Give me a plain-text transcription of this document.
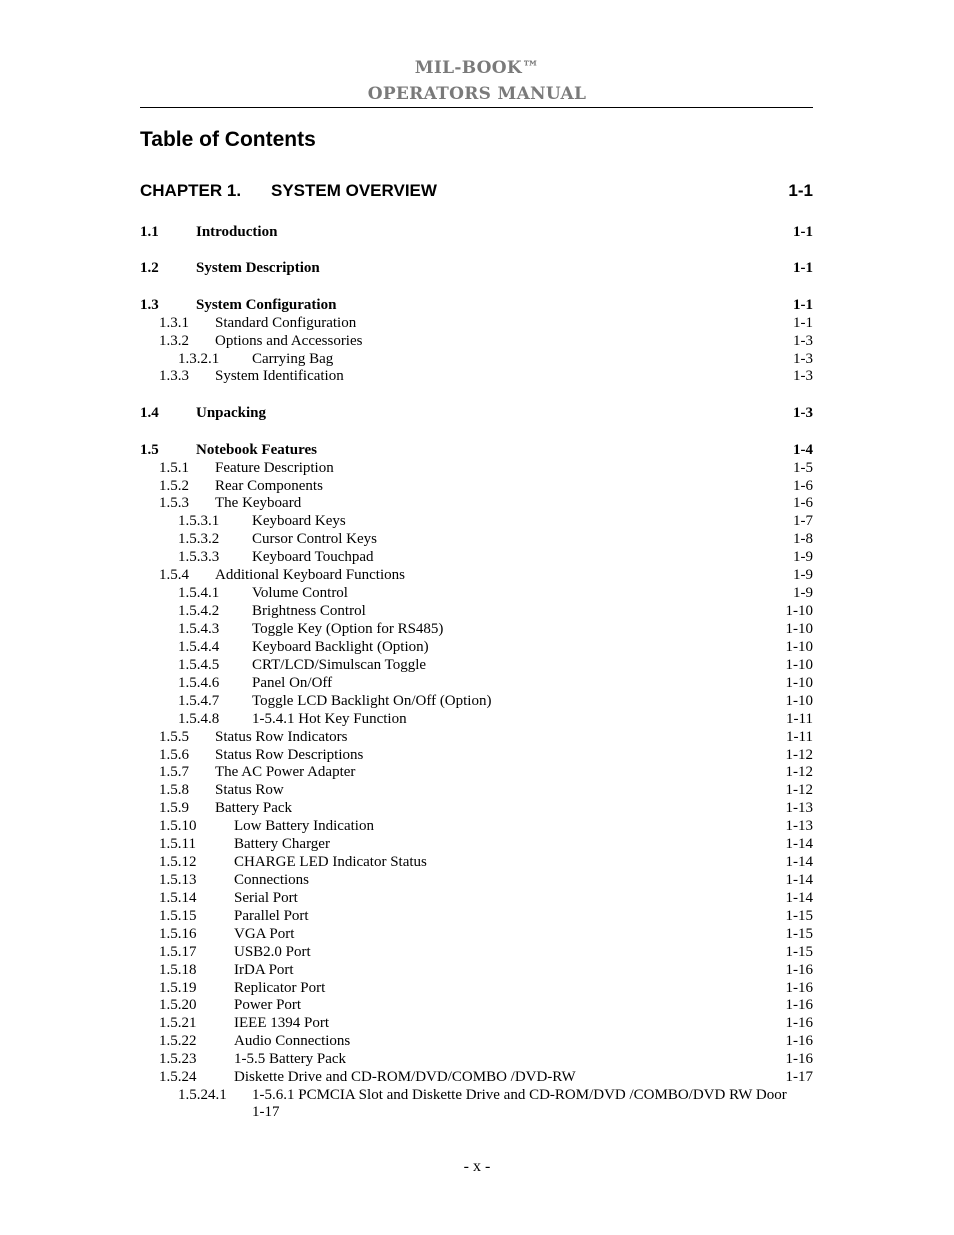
MIL-BOOK™
OPERATORS MANUAL
Table of Contents
CHAPTER 1. SYSTEM OVERVIEW	1-1
1.1 Introduction	1-1
1.2 System Description	1-1
1.3 System Configuration	1-1
1.3.1 Standard Configuration	1-1
1.3.2 Options and Accessories	1-3
1.3.2.1 Carrying Bag	1-3
1.3.3 System Identification	1-3
1.4 Unpacking	1-3
1.5 Notebook Features	1-4
1.5.1 Feature Description	1-5
1.5.2 Rear Components	1-6
1.5.3 The Keyboard	1-6
1.5.3.1 Keyboard Keys	1-7
1.5.3.2 Cursor Control Keys	1-8
1.5.3.3 Keyboard Touchpad	1-9
1.5.4 Additional Keyboard Functions	1-9
1.5.4.1 Volume Control	1-9
1.5.4.2 Brightness Control	1-10
1.5.4.3 Toggle Key (Option for RS485)	1-10
1.5.4.4 Keyboard Backlight (Option)	1-10
1.5.4.5 CRT/LCD/Simulscan Toggle	1-10
1.5.4.6 Panel On/Off	1-10
1.5.4.7 Toggle LCD Backlight On/Off (Option)	1-10
1.5.4.8 1-5.4.1 Hot Key Function	1-11
1.5.5 Status Row Indicators	1-11
1.5.6 Status Row Descriptions	1-12
1.5.7 The AC Power Adapter	1-12
1.5.8 Status Row	1-12
1.5.9 Battery Pack	1-13
1.5.10	Low Battery Indication	1-13
1.5.11	Battery Charger	1-14
1.5.12	CHARGE LED Indicator Status	1-14
1.5.13	Connections	1-14
1.5.14	Serial Port	1-14
1.5.15	Parallel Port	1-15
1.5.16	VGA Port	1-15
1.5.17	USB2.0 Port	1-15
1.5.18	IrDA Port	1-16
1.5.19	Replicator Port	1-16
1.5.20	Power Port	1-16
1.5.21	IEEE 1394 Port	1-16
1.5.22	Audio Connections	1-16
1.5.23	1-5.5 Battery Pack	1-16
1.5.24	Diskette Drive and CD-ROM/DVD/COMBO /DVD-RW	1-17
1.5.24.1 1-5.6.1 PCMCIA Slot and Diskette Drive and CD-ROM/DVD /COMBO/DVD RW Door
1-17
- x -
